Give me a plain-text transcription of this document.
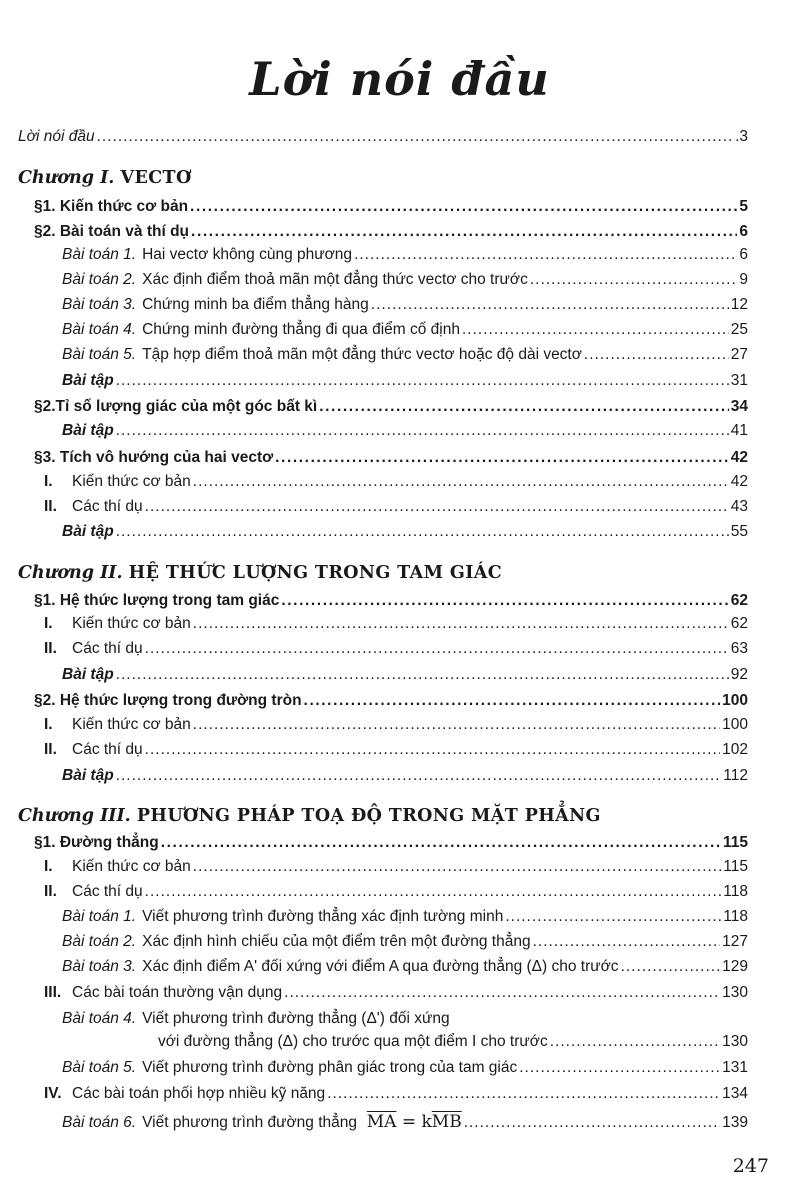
Lời nói đầu
Lời nói đầu .....	.3
Chương I. VECTƠ
§1. Kiến thức cơ bản .....	5
§2. Bài toán và thí dụ .....	6
Bài toán 1. Hai vectơ không cùng phương .....	6
Bài toán 2. Xác định điểm thoả mãn một đẳng thức vectơ cho trước .....	9
Bài toán 3. Chứng minh ba điểm thẳng hàng .....	12
Bài toán 4. Chứng minh đường thẳng đi qua điểm cố định .....	25
Bài toán 5. Tập hợp điểm thoả mãn một đẳng thức vectơ hoặc độ dài vectơ .....	27
Bài tập .....	31
§2.Tỉ số lượng giác của một góc bất kì .....	34
Bài tập .....	41
§3. Tích vô hướng của hai vectơ .....	42
I. Kiến thức cơ bản .....	42
II. Các thí dụ .....	43
Bài tập .....	55
Chương II. HỆ THỨC LƯỢNG TRONG TAM GIÁC
§1. Hệ thức lượng trong tam giác .....	62
I. Kiến thức cơ bản .....	62
II. Các thí dụ .....	63
Bài tập .....	92
§2. Hệ thức lượng trong đường tròn .....	100
I. Kiến thức cơ bản .....	100
II. Các thí dụ .....	102
Bài tập .....	112
Chương III. PHƯƠNG PHÁP TOẠ ĐỘ TRONG MẶT PHẲNG
§1. Đường thẳng .....	115
I. Kiến thức cơ bản .....	115
II. Các thí dụ .....	118
Bài toán 1. Viết phương trình đường thẳng xác định tường minh .....	118
Bài toán 2. Xác định hình chiếu của một điểm trên một đường thẳng .....	127
Bài toán 3. Xác định điểm A' đối xứng với điểm A qua đường thẳng (Δ) cho trước .....	129
III. Các bài toán thường vận dụng .....	130
Bài toán 4. Viết phương trình đường thẳng (Δ') đối xứng
với đường thẳng (Δ) cho trước qua một điểm I cho trước .....	130
Bài toán 5. Viết phương trình đường phân giác trong của tam giác .....	131
IV. Các bài toán phối hợp nhiều kỹ năng .....	134
Bài toán 6. Viết phương trình đường thẳng $\overline{MA} = k\overline{MB}$ .....	139
247
